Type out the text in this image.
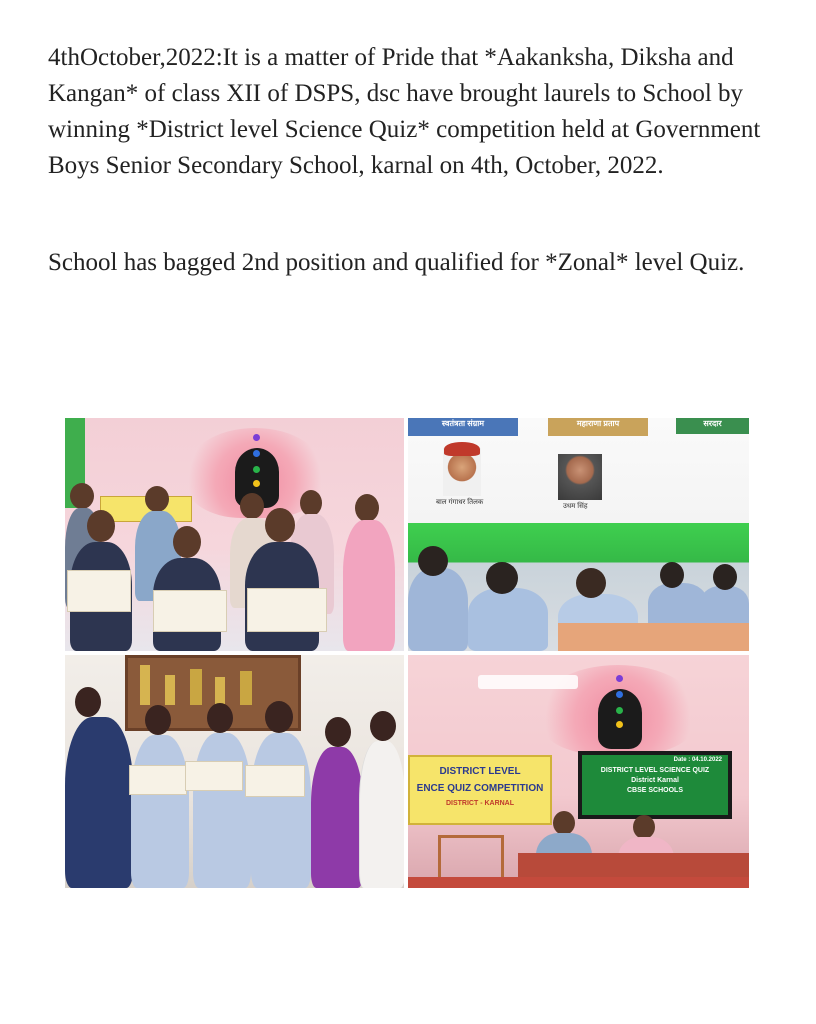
4thOctober,2022:It is a matter of Pride that *Aakanksha, Diksha and Kangan* of class XII of DSPS, dsc have brought laurels to School by winning *District level Science Quiz* competition held at Government Boys Senior Secondary School, karnal on 4th, October, 2022.

School has bagged 2nd position and qualified for *Zonal* level Quiz.

स्वतंत्रता संग्राम	महाराणा प्रताप	सरदार
बाल गंगाधर तिलक
उधम सिंह
DISTRICT LEVEL
ENCE QUIZ COMPETITION
DISTRICT - KARNAL
Date : 04.10.2022
DISTRICT LEVEL SCIENCE QUIZ
District Karnal
CBSE SCHOOLS
